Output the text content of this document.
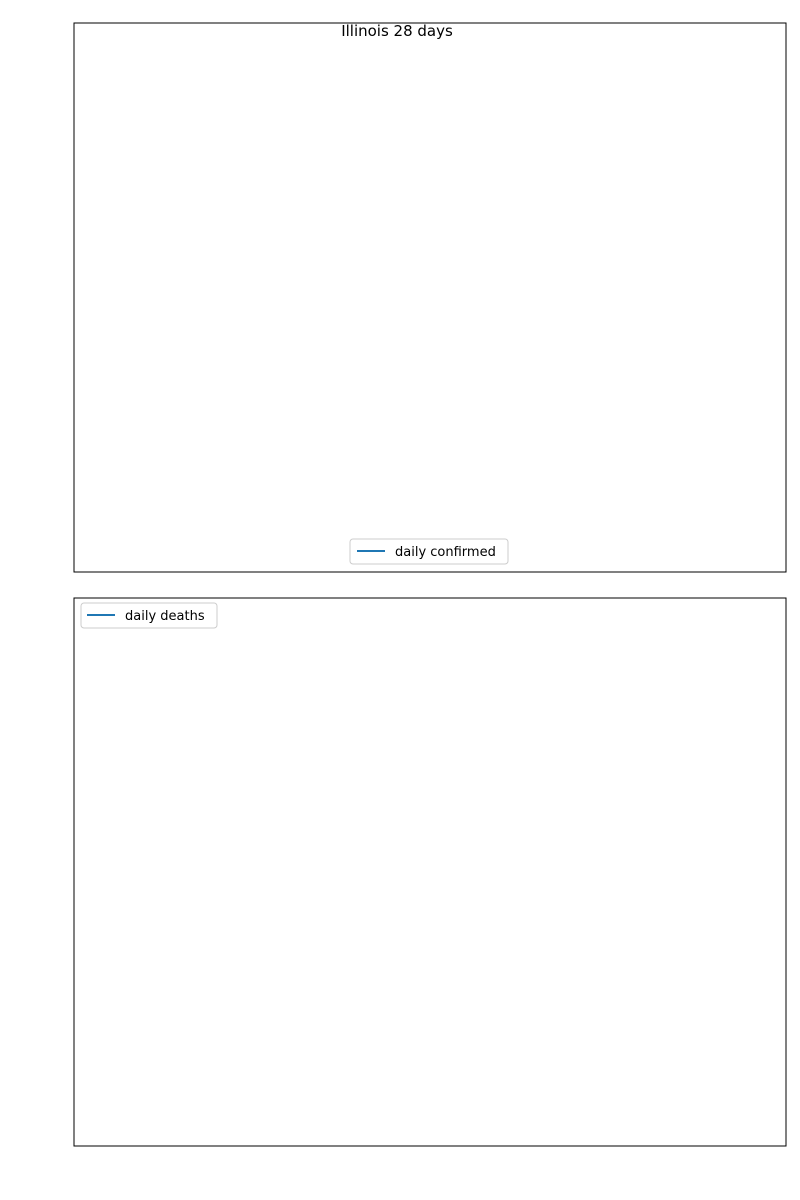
Illinois 28 days
daily confirmed
daily deaths
